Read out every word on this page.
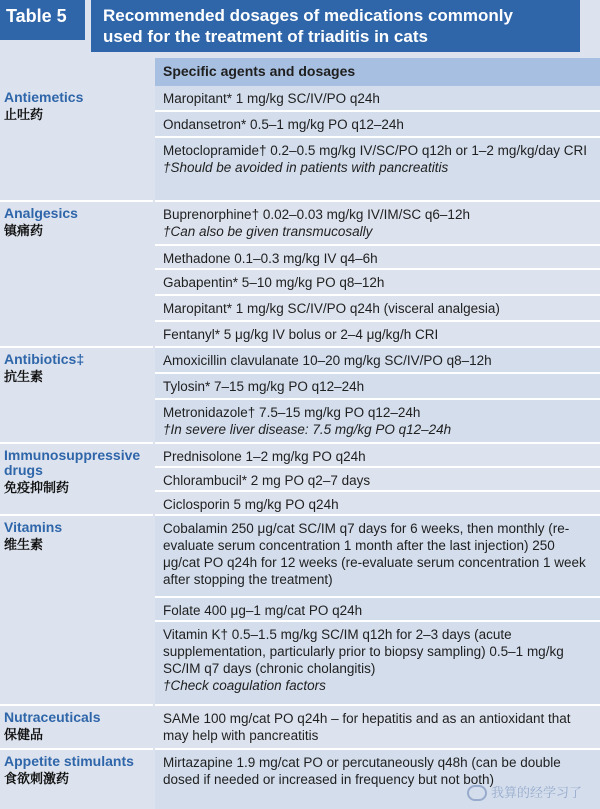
Table 5	Recommended dosages of medications commonly
used for the treatment of triaditis in cats
Specific agents and dosages
Antiemetics
止吐药
Analgesics
镇痛药
Antibiotics‡
抗生素
Immunosuppressive drugs
免疫抑制药
Vitamins
维生素
Nutraceuticals
保健品
Appetite stimulants
食欲刺激药
Maropitant* 1 mg/kg SC/IV/PO q24h
Ondansetron* 0.5–1 mg/kg PO q12–24h
Metoclopramide† 0.2–0.5 mg/kg IV/SC/PO q12h or 1–2 mg/kg/day CRI
†Should be avoided in patients with pancreatitis
Buprenorphine† 0.02–0.03 mg/kg IV/IM/SC q6–12h
†Can also be given transmucosally
Methadone 0.1–0.3 mg/kg IV q4–6h
Gabapentin* 5–10 mg/kg PO q8–12h
Maropitant* 1 mg/kg SC/IV/PO q24h (visceral analgesia)
Fentanyl* 5 μg/kg IV bolus or 2–4 μg/kg/h CRI
Amoxicillin clavulanate 10–20 mg/kg SC/IV/PO q8–12h
Tylosin* 7–15 mg/kg PO q12–24h
Metronidazole† 7.5–15 mg/kg PO q12–24h
†In severe liver disease: 7.5 mg/kg PO q12–24h
Prednisolone 1–2 mg/kg PO q24h
Chlorambucil* 2 mg PO q2–7 days
Ciclosporin 5 mg/kg PO q24h
Cobalamin 250 μg/cat SC/IM q7 days for 6 weeks, then monthly (re-evaluate serum concentration 1 month after the last injection) 250 μg/cat PO q24h for 12 weeks (re-evaluate serum concentration 1 week after stopping the treatment)
Folate 400 μg–1 mg/cat PO q24h
Vitamin K† 0.5–1.5 mg/kg SC/IM q12h for 2–3 days (acute supplementation, particularly prior to biopsy sampling) 0.5–1 mg/kg SC/IM q7 days (chronic cholangitis)
†Check coagulation factors
SAMe 100 mg/cat PO q24h – for hepatitis and as an antioxidant that may help with pancreatitis
Mirtazapine 1.9 mg/cat PO or percutaneously q48h (can be double dosed if needed or increased in frequency but not both)
我算的经学习了
